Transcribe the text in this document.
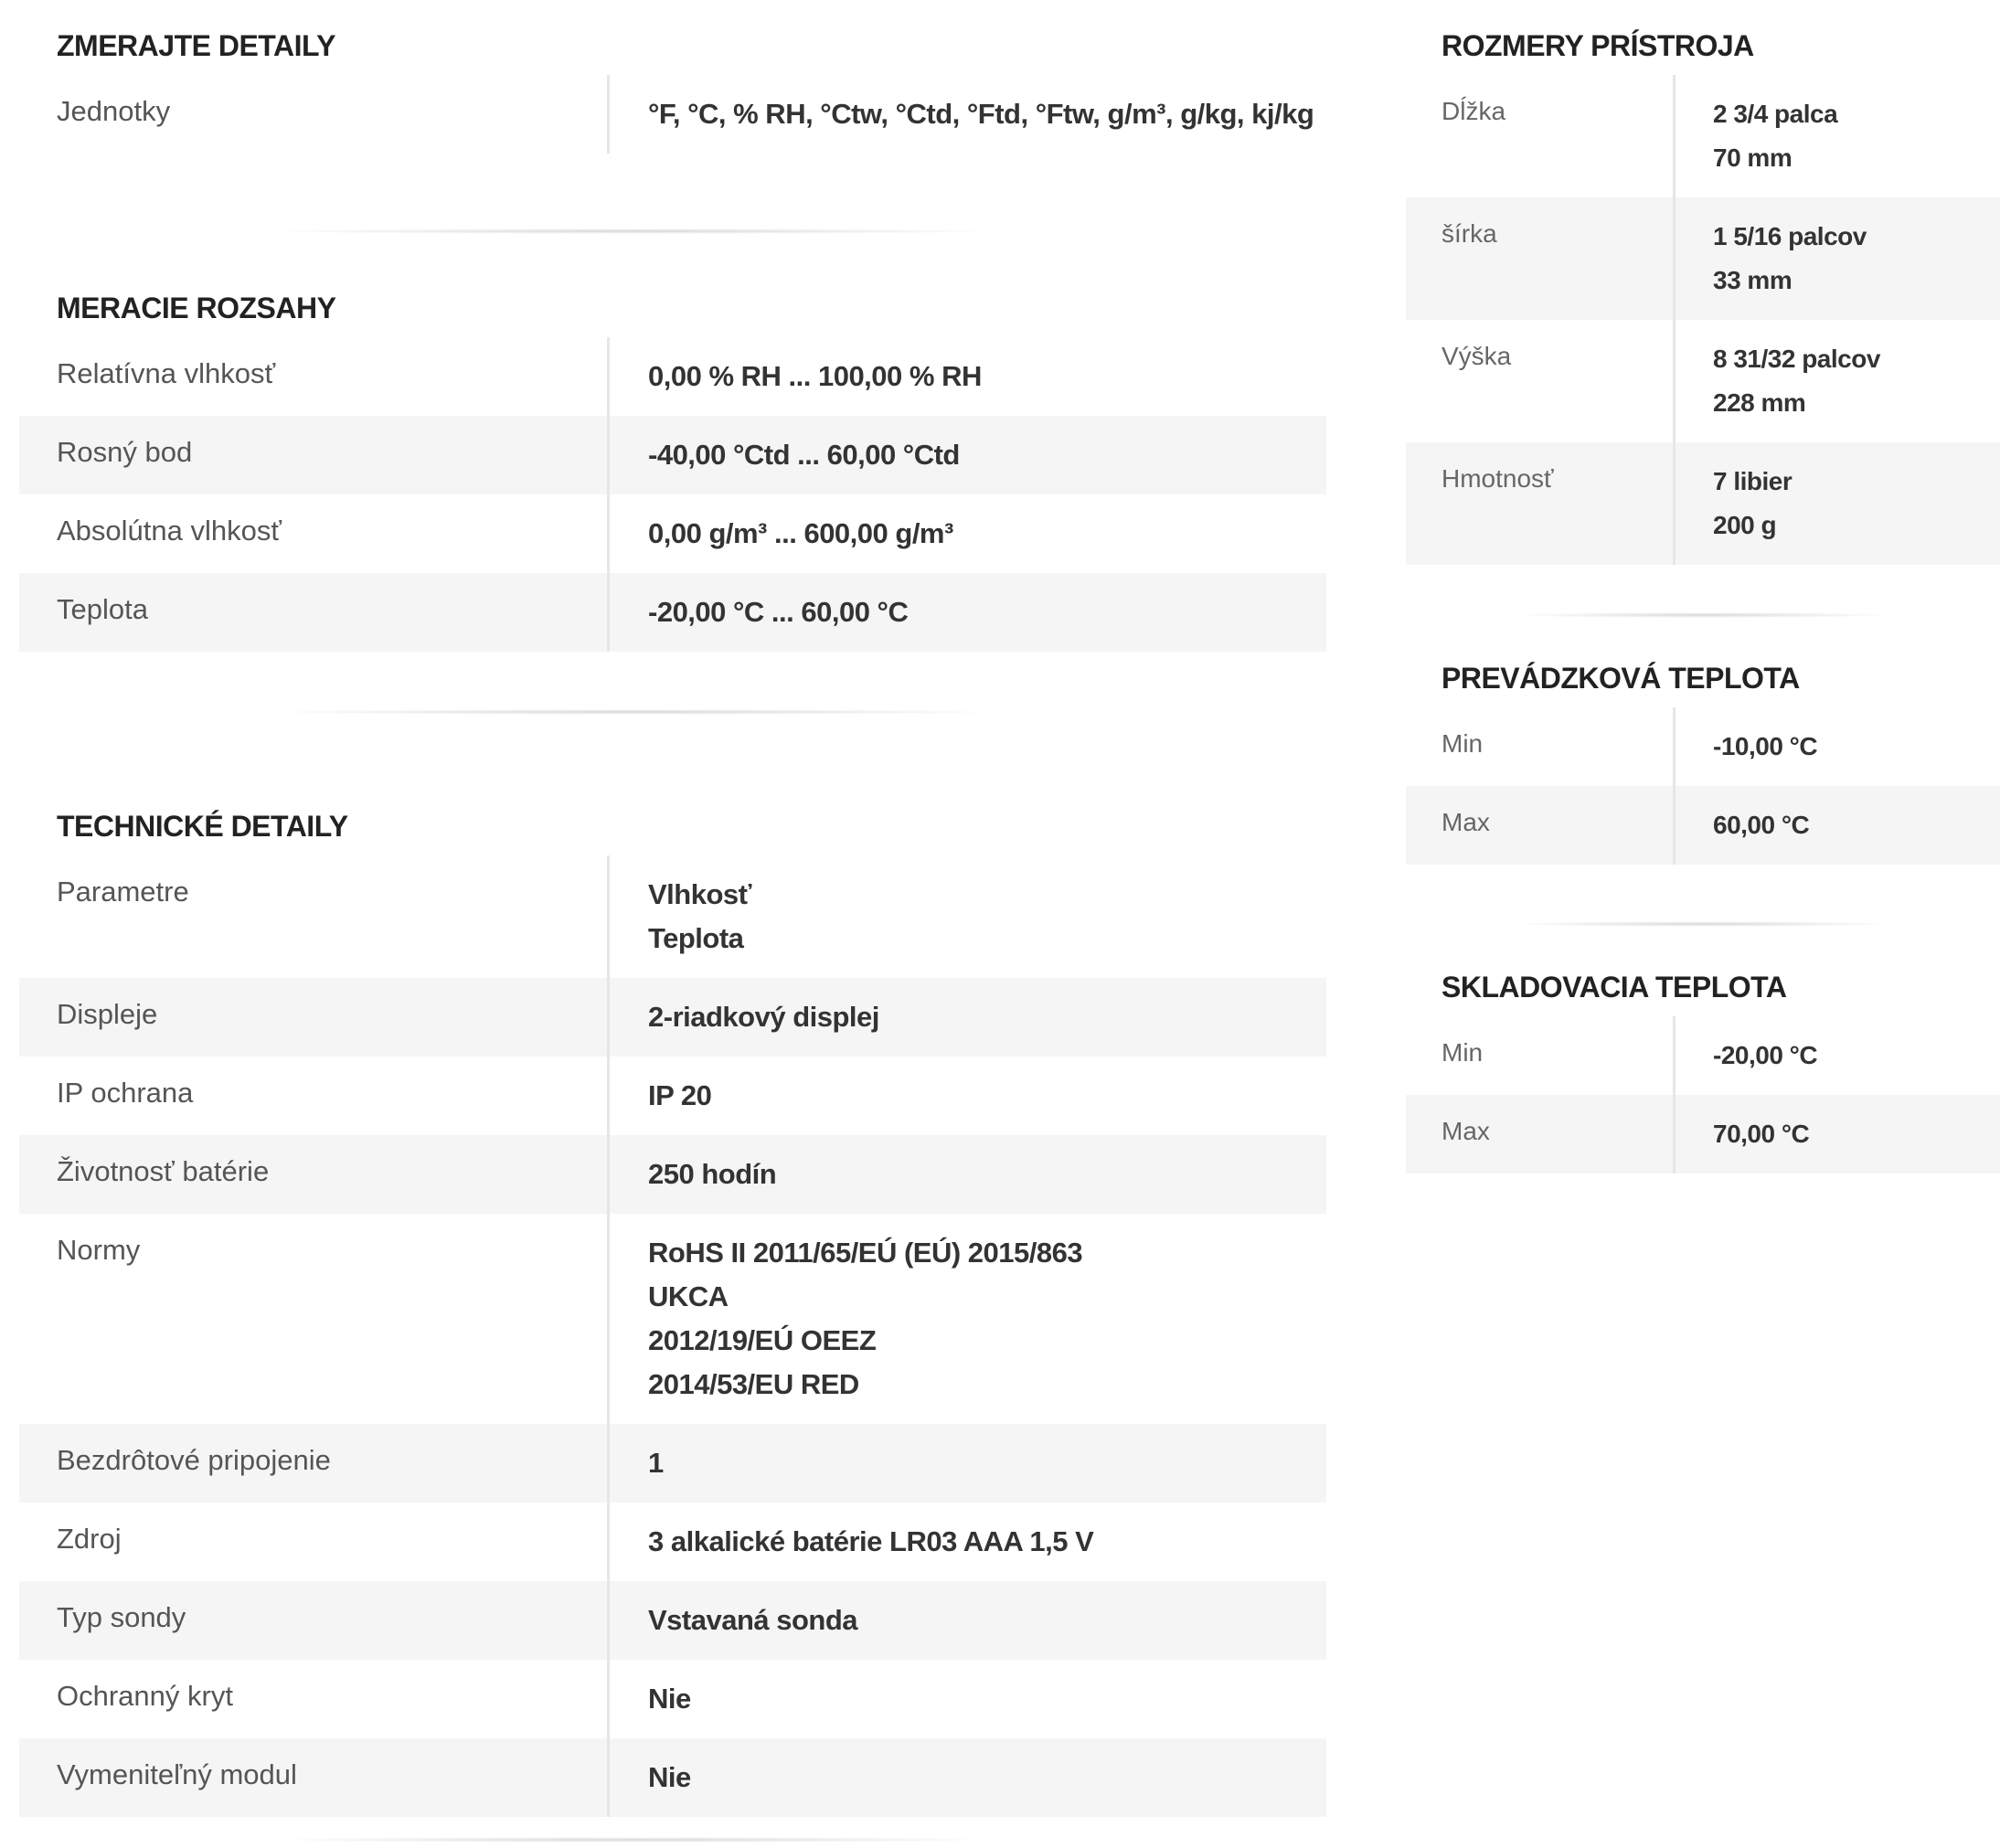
ZMERAJTE DETAILY
Jednotky	°F, °C, % RH, °Ctw, °Ctd, °Ftd, °Ftw, g/m³, g/kg, kj/kg
MERACIE ROZSAHY
Relatívna vlhkosť	0,00 % RH ... 100,00 % RH
Rosný bod	-40,00 °Ctd ... 60,00 °Ctd
Absolútna vlhkosť	0,00 g/m³ ... 600,00 g/m³
Teplota	-20,00 °C ... 60,00 °C
TECHNICKÉ DETAILY
Parametre	Vlhkosť
Teplota
Displeje	2-riadkový displej
IP ochrana	IP 20
Životnosť batérie	250 hodín
Normy	RoHS II 2011/65/EÚ (EÚ) 2015/863
UKCA
2012/19/EÚ OEEZ
2014/53/EU RED
Bezdrôtové pripojenie	1
Zdroj	3 alkalické batérie LR03 AAA 1,5 V
Typ sondy	Vstavaná sonda
Ochranný kryt	Nie
Vymeniteľný modul	Nie
ROZMERY PRÍSTROJA
Dĺžka	2 3/4 palca
70 mm
šírka	1 5/16 palcov
33 mm
Výška	8 31/32 palcov
228 mm
Hmotnosť	7 libier
200 g
PREVÁDZKOVÁ TEPLOTA
Min	-10,00 °C
Max	60,00 °C
SKLADOVACIA TEPLOTA
Min	-20,00 °C
Max	70,00 °C
